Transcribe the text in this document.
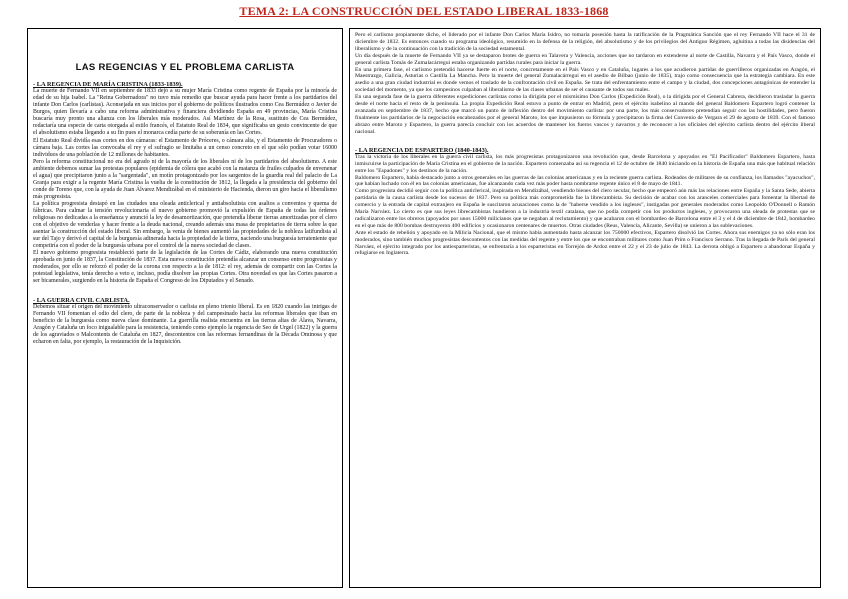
TEMA 2: LA CONSTRUCCIÓN DEL ESTADO LIBERAL 1833-1868
LAS REGENCIAS Y EL PROBLEMA CARLISTA
- LA REGENCIA DE MARÍA CRISTINA (1833-1839).

La muerte de Fernando VII en septiembre de 1833 dejó a su mujer María Cristina como regente de España por la minoría de edad de su hija Isabel. La "Reina Gobernadora" no tuvo más remedio que buscar ayuda para hacer frente a los partidarios del infante Don Carlos (carlistas). Aconsejada en sus inicios por el gobierno de políticos ilustrados como Cea Bermúdez o Javier de Burgos, quien llevaría a cabo una reforma administrativa y financiera dividiendo España en 49 provincias, María Cristina buscaría muy pronto una alianza con los liberales más moderados. Así Martínez de la Rosa, sustituto de Cea Bermúdez, redactaría una especie de carta otorgada al estilo francés, el Estatuto Real de 1834, que significaba un gesto convincente de que el absolutismo estaba llegando a su fin pues el monarca cedía parte de su soberanía en las Cortes.

El Estatuto Real dividía esas cortes en dos cámaras: el Estamento de Próceres, o cámara alta, y el Estamento de Procuradores o cámara baja. Las cortes las convocaba el rey y el sufragio se limitaba a un censo concreto en el que sólo podían votar 16000 individuos de una población de 12 millones de habitantes.

Pero la reforma constitucional no era del agrado ni de la mayoría de los liberales ni de los partidarios del absolutismo. A este ambiente debemos sumar las protestas populares (epidemia de cólera que acabó con la matanza de frailes culpados de envenenar el agua) que precipitaron junto a la "sargentada", un motín protagonizado por los sargentos de la guardia real del palacio de La Granja para exigir a la regente María Cristina la vuelta de la constitución de 1812, la llegada a la presidencia del gobierno del conde de Toreno que, con la ayuda de Juan Álvarez Mendizábal en el ministerio de Hacienda, dieron un giro hacia el liberalismo más progresista.

La política progresista destapó en las ciudades una oleada anticlerical y antiabsolutista con asaltos a conventos y quema de fábricas. Para calmar la tensión revolucionaria el nuevo gobierno promovió la expulsión de España de todas las órdenes religiosas no dedicadas a la enseñanza y anunció la ley de desamortización, que pretendía liberar tierras amortizadas por el clero con el objetivo de venderlas y hacer frente a la deuda nacional, creando además una masa de propietarios de tierra sobre la que asentar la construcción del estado liberal. Sin embargo, la venta de bienes aumentó las propiedades de la nobleza latifundista al sur del Tajo y derivó el capital de la burguesía adinerada hacia la propiedad de la tierra, naciendo una burguesía terrateniente que competiría con el poder de la burguesía urbana por el control de la nueva sociedad de clases.

El nuevo gobierno progresista restableció parte de la legislación de las Cortes de Cádiz, elaborando una nueva constitución aprobada en junio de 1837, la Constitución de 1837. Esta nueva constitución pretendía alcanzar un consenso entre progresistas y moderados, por ello se reforzó el poder de la corona con respecto a la de 1812: el rey, además de compartir con las Cortes la potestad legislativa, tenía derecho a veto e, incluso, podía disolver las propias Cortes. Otra novedad es que las Cortes pasaron a ser bicamerales, surgiendo en la historia de España el Congreso de los Diputados y el Senado.

- LA GUERRA CIVIL CARLISTA.

Debemos situar el origen del movimiento ultraconservador o carlista en pleno trienio liberal. Es en 1820 cuando las intrigas de Fernando VII fomentan el odio del clero, de parte de la nobleza y del campesinado hacia las reformas liberales que iban en beneficio de la burguesía como nueva clase dominante. La guerrilla realista encuentra en las tierras altas de Álava, Navarra, Aragón y Cataluña un foco inigualable para la resistencia, teniendo como ejemplo la regencia de Seo de Urgel (1822) y la guerra de los agraviados o Malcontents de Cataluña en 1827, descontentos con las reformas fernandinas de la Década Ominosa y que echaron en falta, por ejemplo, la restauración de la Inquisición.

Pero el carlismo propiamente dicho, el liderado por el infante Don Carlos María Isidro, no tomaría posesión hasta la ratificación de la Pragmática Sanción que el rey Fernando VII hace el 31 de diciembre de 1832. Es entonces cuando su programa ideológico, resumido en la defensa de la religión, del absolutismo y de los privilegios del Antiguo Régimen, agluitina a todas las disidencias del liberalismo y de la continuación con la tradición de la sociedad estamental.

Un día después de la muerte de Fernando VII ya se destaparon brotes de guerra en Talavera y Valencia, acciones que no tardaron en extenderse al norte de Castilla, Navarra y el País Vasco, donde el general carlista Tomás de Zumalacárregui estaba organizando partidas rurales para iniciar la guerra.

En una primera fase, el carlismo pretendió hacerse fuerte en el norte, concretamente en el País Vasco y en Cataluña, lugares a los que acudieron partidas de guerrilleros organizadas en Aragón, el Maestrazgo, Galicia, Asturias o Castilla La Mancha. Pero la muerte del general Zumalacárregui en el asedio de Bilbao (junio de 1835), trajo como consecuencia que la estrategia cambiara. En este asedio a una gran ciudad industrial es donde vemos el traslado de la confrontación civil en España. Se trata del enfrentamiento entre el campo y la ciudad, dos concepciones antagónicas de entender la sociedad del momento, ya que los campesinos culpaban al liberalismo de las clases urbanas de ser el causante de todos sus males.

En una segunda fase de la guerra diferentes expediciones carlistas como la dirigida por el mismísimo Don Carlos (Expedición Real), o la dirigida por el General Cabrera, decidieron trasladar la guerra desde el norte hacia el resto de la península. La propia Expedición Real estuvo a punto de entrar en Madrid, pero el ejército isabelino al mando del general Baldomero Espartero logró contener la avanzada en septiembre de 1837, hecho que marcó un punto de inflexión dentro del movimiento carlista: por una parte, los más conservadores pretendían seguir con las hostilidades, pero fueron finalmente los partidarios de la negociación encabezados por el general Maroto, los que impusieron su fórmula y precipitaron la firma del Convenio de Vergara el 29 de agosto de 1839. Con el famoso abrazo entre Maroto y Espartero, la guerra parecía concluir con los acuerdos de mantener los fueros vascos y navarros y de reconocer a los oficiales del ejército carlista dentro del ejército liberal nacional.

- LA REGENCIA DE ESPARTERO (1840-1843).

Tras la victoria de los liberales en la guerra civil carlista, los más progresistas protagonizaron una revolución que, desde Barcelona y apoyados en "El Pacificador" Baldomero Espartero, hasta inmiscuirse la participación de María Cristina en el gobierno de la nación. Espartero comenzaba así su regencia el 12 de octubre de 1840 iniciando en la historia de España una más que habitual relación entre los "Espadones" y los destinos de la nación.

Baldomero Espartero, había destacado junto a otros generales en las guerras de las colonias americanas y en la reciente guerra carlista. Rodeados de militares de su confianza, los llamados "ayacuchos", que habían luchado con él en las colonias americanas, fue alcanzando cada vez más poder hasta nombrarse regente único el 8 de mayo de 1841.

Como progresista decidió seguir con la política anticlerical, inspirada en Mendizábal, vendiendo bienes del clero secular, hecho que empeoró aún más las relaciones entre España y la Santa Sede, abierta partidaria de la causa carlista desde los sucesos de 1837. Pero su política más comprometida fue la librecambista. Su decisión de acabar con los aranceles comerciales para fomentar la libertad de comercio y la entrada de capital extranjero en España le suscitaron acusaciones como la de "haberse vendido a los ingleses", instigadas por generales moderados como Leopoldo O'Donnell o Ramón María Narváez. Lo cierto es que sus leyes librecambistas hundieron a la industria textil catalana, que no podía competir con los productos ingleses, y provocaron una oleada de protestas que se radicalizaron entre los obreros (apoyados por unos 15000 milicianos que se negaban al reclutamiento) y que acabaron con el bombardeo de Barcelona entre el 3 y el 4 de diciembre de 1842, bombardeo en el que más de 800 bombas destruyeron 400 edificios y ocasionaron centenares de muertos. Otras ciudades (Reus, Valencia, Alicante, Sevilla) se unieron a las sublevaciones.

Ante el estado de rebelión y apoyado en la Milicia Nacional, que el mismo había aumentado hasta alcanzar los 750000 efectivos, Espartero disolvió las Cortes. Ahora sus enemigos ya no sólo eran los moderados, sino también muchos progresistas descontentos con las medidas del regente y entre los que se encontraban militares como Juan Prim o Francisco Serrano. Tras la llegada de París del general Narváez, el ejército integrado por los antiesparteristas, se enfrentaría a los esparteristas en Torrejón de Ardoz entre el 22 y el 23 de julio de 1843. La derrota obligó a Espartero a abandonar España y refugiarse en Inglaterra.
